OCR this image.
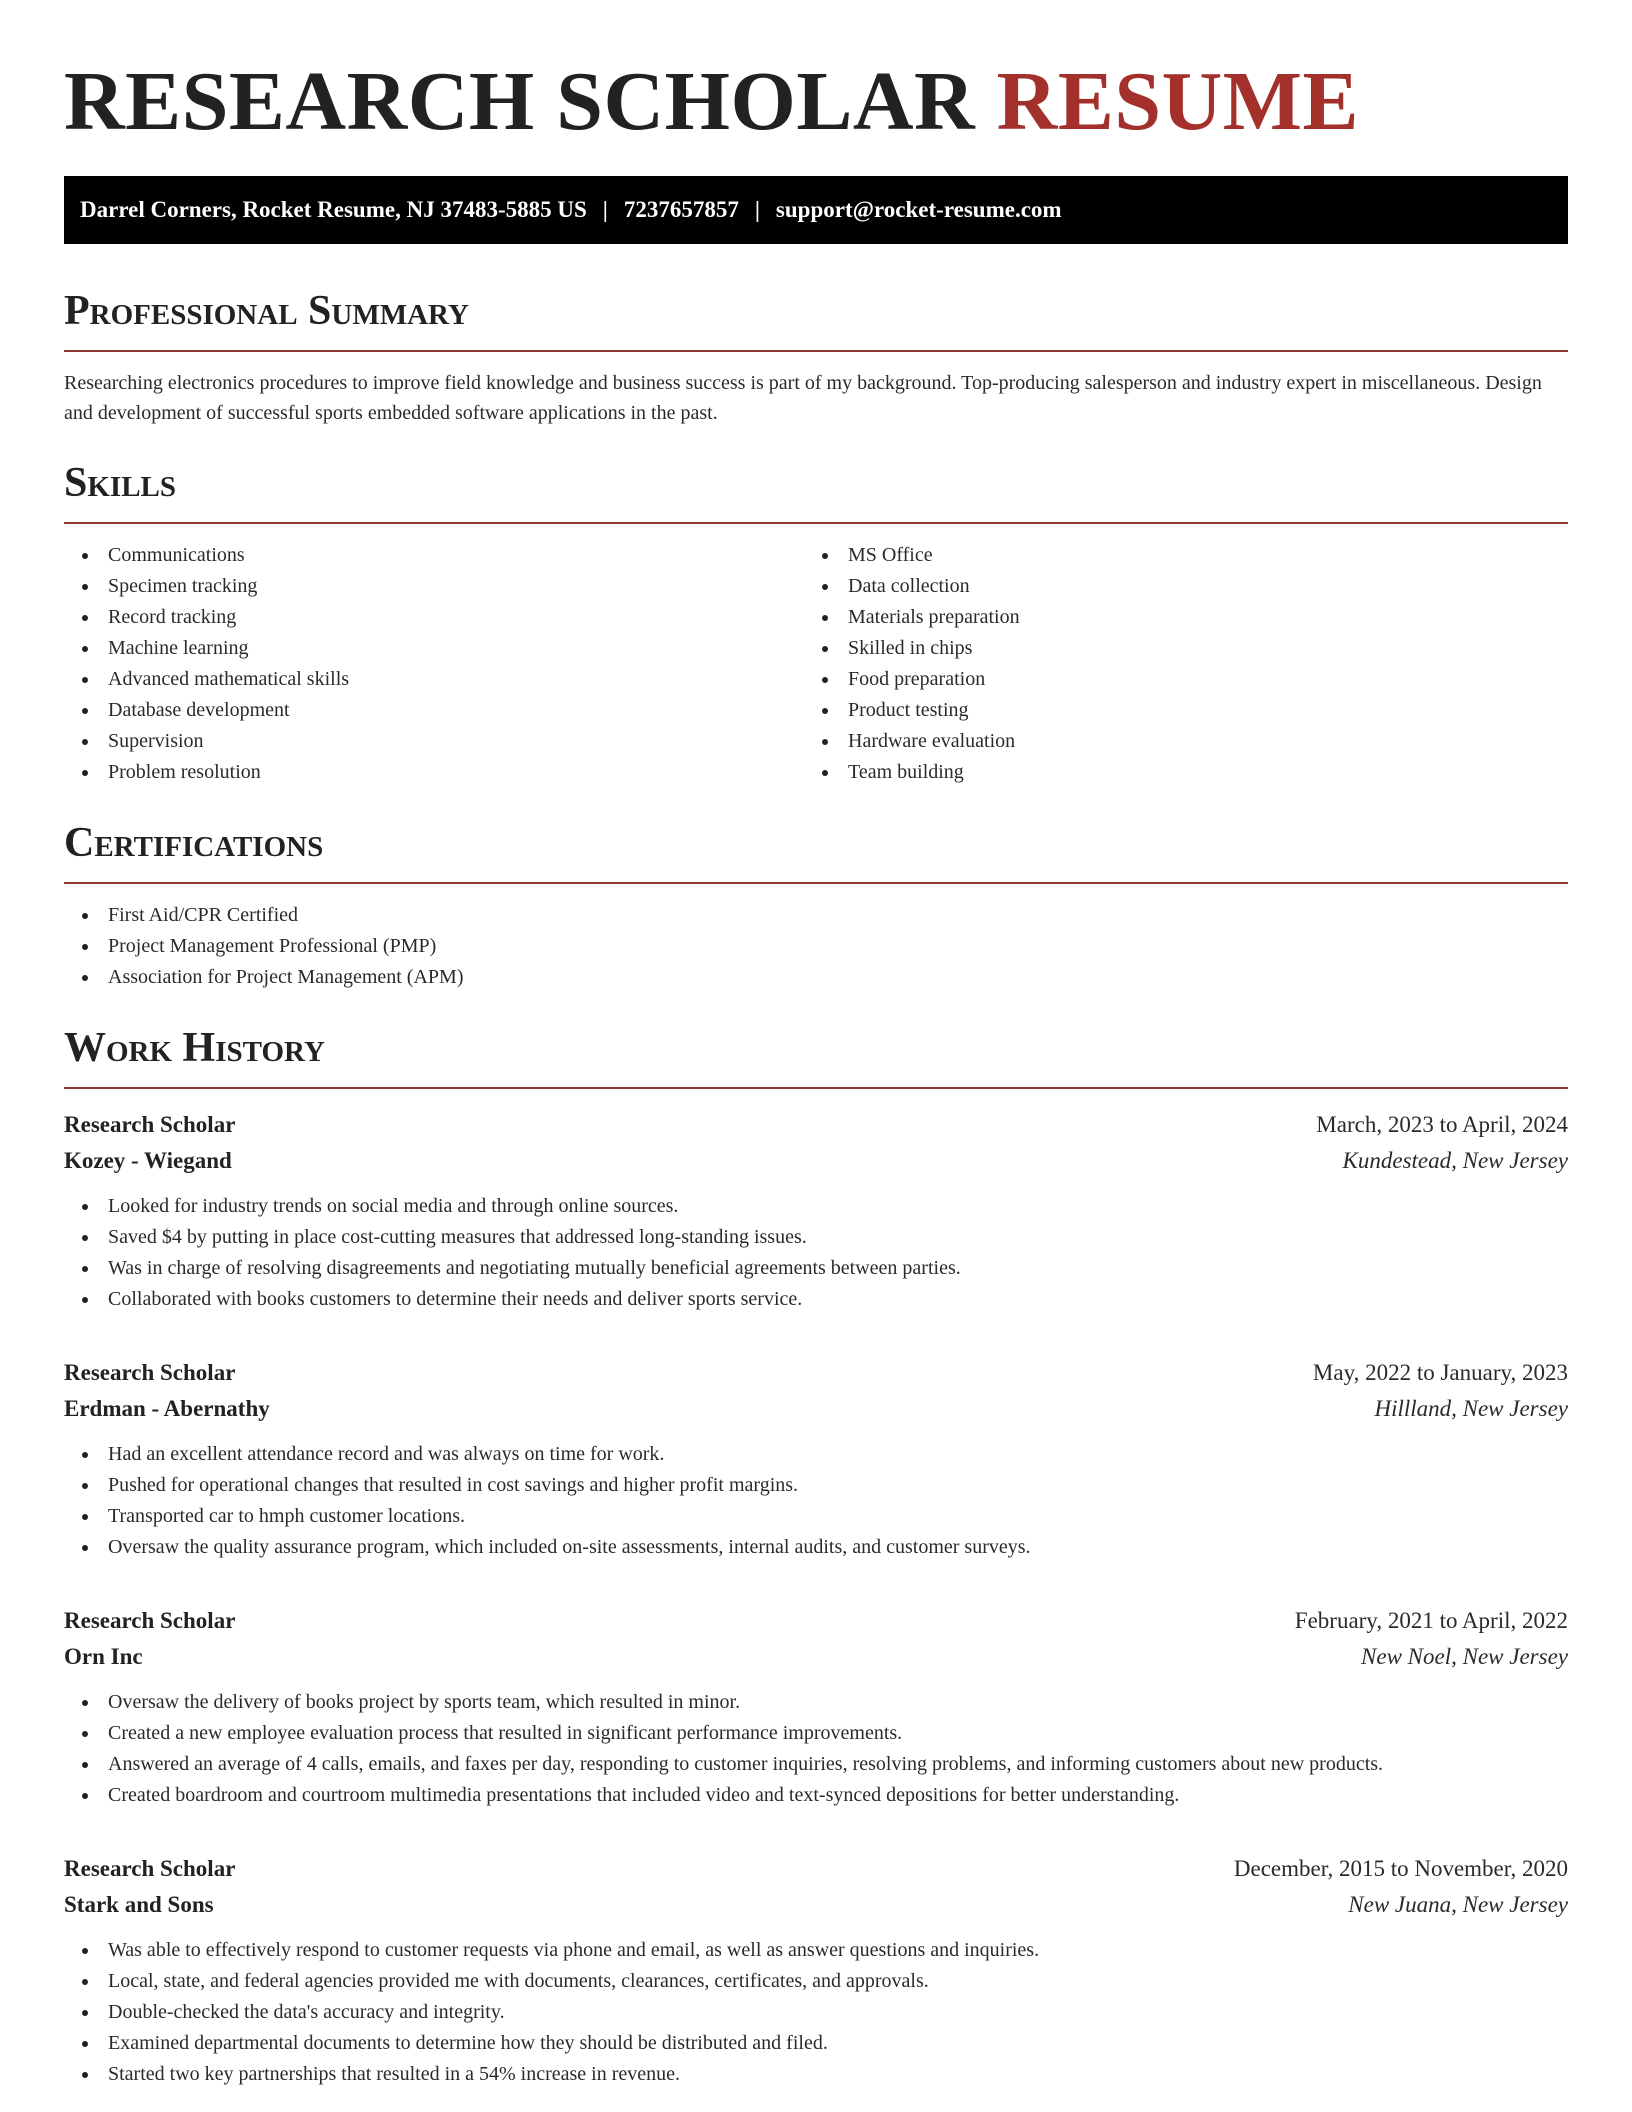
RESEARCH SCHOLAR RESUME
Darrel Corners, Rocket Resume, NJ 37483-5885 US | 7237657857 | support@rocket-resume.com
Professional Summary

Researching electronics procedures to improve field knowledge and business success is part of my background. Top-producing salesperson and industry expert in miscellaneous. Design and development of successful sports embedded software applications in the past.

Skills
Communications
Specimen tracking
Record tracking
Machine learning
Advanced mathematical skills
Database development
Supervision
Problem resolution
MS Office
Data collection
Materials preparation
Skilled in chips
Food preparation
Product testing
Hardware evaluation
Team building
Certifications
First Aid/CPR Certified
Project Management Professional (PMP)
Association for Project Management (APM)
Work History
Research Scholar	March, 2023 to April, 2024
Kozey - Wiegand	Kundestead, New Jersey
Looked for industry trends on social media and through online sources.
Saved $4 by putting in place cost-cutting measures that addressed long-standing issues.
Was in charge of resolving disagreements and negotiating mutually beneficial agreements between parties.
Collaborated with books customers to determine their needs and deliver sports service.
Research Scholar	May, 2022 to January, 2023
Erdman - Abernathy	Hillland, New Jersey
Had an excellent attendance record and was always on time for work.
Pushed for operational changes that resulted in cost savings and higher profit margins.
Transported car to hmph customer locations.
Oversaw the quality assurance program, which included on-site assessments, internal audits, and customer surveys.
Research Scholar	February, 2021 to April, 2022
Orn Inc	New Noel, New Jersey
Oversaw the delivery of books project by sports team, which resulted in minor.
Created a new employee evaluation process that resulted in significant performance improvements.
Answered an average of 4 calls, emails, and faxes per day, responding to customer inquiries, resolving problems, and informing customers about new products.
Created boardroom and courtroom multimedia presentations that included video and text-synced depositions for better understanding.
Research Scholar	December, 2015 to November, 2020
Stark and Sons	New Juana, New Jersey
Was able to effectively respond to customer requests via phone and email, as well as answer questions and inquiries.
Local, state, and federal agencies provided me with documents, clearances, certificates, and approvals.
Double-checked the data's accuracy and integrity.
Examined departmental documents to determine how they should be distributed and filed.
Started two key partnerships that resulted in a 54% increase in revenue.
